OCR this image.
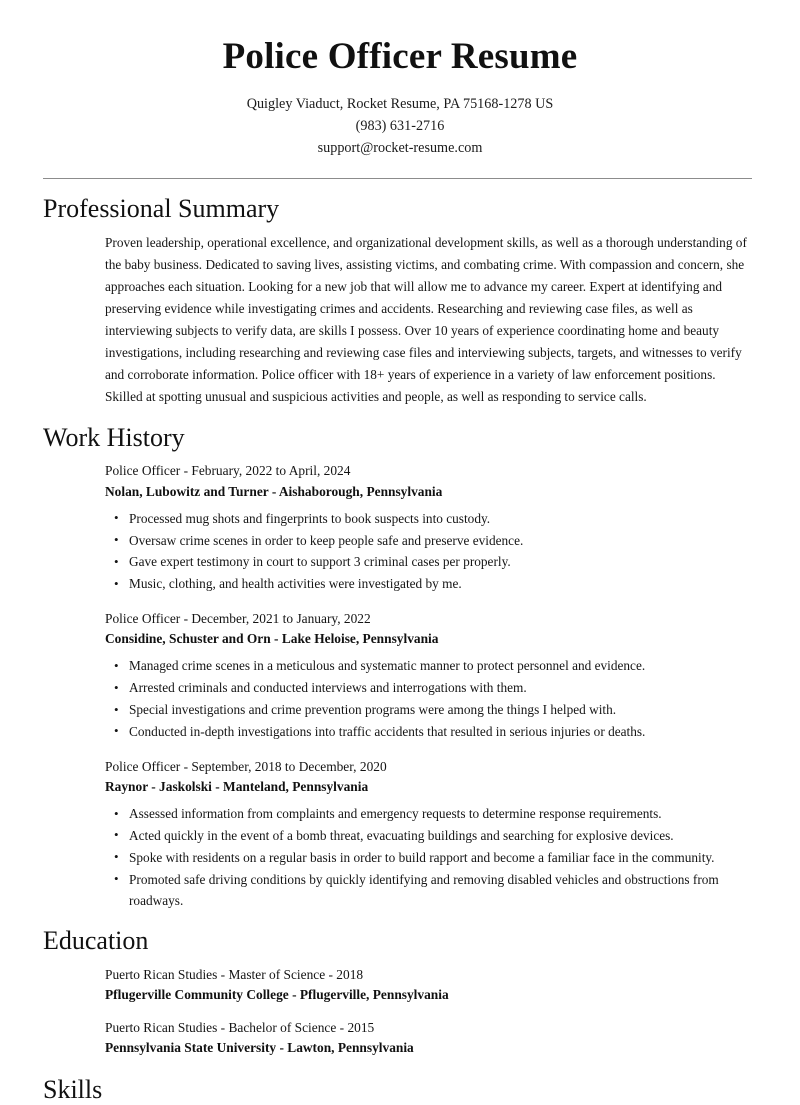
Police Officer Resume
Quigley Viaduct, Rocket Resume, PA 75168-1278 US
(983) 631-2716
support@rocket-resume.com
Professional Summary

Proven leadership, operational excellence, and organizational development skills, as well as a thorough understanding of the baby business. Dedicated to saving lives, assisting victims, and combating crime. With compassion and concern, she approaches each situation. Looking for a new job that will allow me to advance my career. Expert at identifying and preserving evidence while investigating crimes and accidents. Researching and reviewing case files, as well as interviewing subjects to verify data, are skills I possess. Over 10 years of experience coordinating home and beauty investigations, including researching and reviewing case files and interviewing subjects, targets, and witnesses to verify and corroborate information. Police officer with 18+ years of experience in a variety of law enforcement positions. Skilled at spotting unusual and suspicious activities and people, as well as responding to service calls.

Work History
Police Officer - February, 2022 to April, 2024
Nolan, Lubowitz and Turner - Aishaborough, Pennsylvania
• Processed mug shots and fingerprints to book suspects into custody.
• Oversaw crime scenes in order to keep people safe and preserve evidence.
• Gave expert testimony in court to support 3 criminal cases per properly.
• Music, clothing, and health activities were investigated by me.
Police Officer - December, 2021 to January, 2022
Considine, Schuster and Orn - Lake Heloise, Pennsylvania
• Managed crime scenes in a meticulous and systematic manner to protect personnel and evidence.
• Arrested criminals and conducted interviews and interrogations with them.
• Special investigations and crime prevention programs were among the things I helped with.
• Conducted in-depth investigations into traffic accidents that resulted in serious injuries or deaths.
Police Officer - September, 2018 to December, 2020
Raynor - Jaskolski - Manteland, Pennsylvania
• Assessed information from complaints and emergency requests to determine response requirements.
• Acted quickly in the event of a bomb threat, evacuating buildings and searching for explosive devices.
• Spoke with residents on a regular basis in order to build rapport and become a familiar face in the community.
• Promoted safe driving conditions by quickly identifying and removing disabled vehicles and obstructions from roadways.
Education
Puerto Rican Studies - Master of Science - 2018
Pflugerville Community College - Pflugerville, Pennsylvania
Puerto Rican Studies - Bachelor of Science - 2015
Pennsylvania State University - Lawton, Pennsylvania
Skills
